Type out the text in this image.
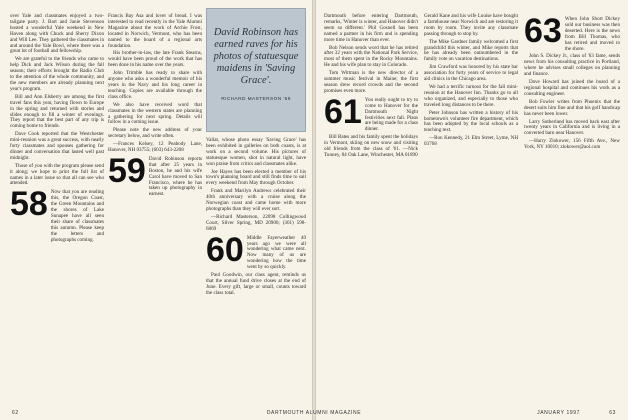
over Yale and classmates enjoyed a two-tailgate party. J. Bart and Janie Stevenson hosted a wonderful Yale weekend in New Haven along with Chuck and Sherry Dixon and Will Lee. They gathered the classmates in and around the Yale Bowl, where there was a great lot of football and fellowship.

We are grateful to the friends who came to help Dick and Jack Wilson during the fall season; their efforts brought the Radio Club to the attention of the whole community, and the new members are already planning next year's program.

Bill and Ann Elsberry are among the first travel fans this year, having flown to Europe in the spring and returned with stories and slides enough to fill a winter of evenings. They report that the best part of any trip is coming home to friends.

Dave Cook reported that the Westchester mini-reunion was a great success, with nearly forty classmates and spouses gathering for dinner and conversation that lasted well past midnight.

Those of you with the program please send it along; we hope to print the full list of names in a later issue so that all can see who attended.

58 Now that you are reading this, the Oregon Coast, the Green Mountains and the shores of Lake Sunapee have all seen their share of classmates this autumn. Please keep the letters and photographs coming.

Francis Bay Asa and lover of bread. I was interested to read recently in the Yale Alumni Magazine about the work of Archie Frost, located in Norwich, Vermont, who has been named to the board of a regional arts foundation.

His brother-in-law, the late Frank Stearns, would have been proud of the work that has been done in his name over the years.

John Trimble has ready to share with anyone who asks a wonderful memoir of his years in the Navy and his long career in teaching. Copies are available through the class office.

We also have received word that classmates in the western states are planning a gathering for next spring. Details will follow in a coming issue.

Please note the new address of your secretary below, and write often.

—Frances Kelsey, 12 Peabody Lane, Hanover, NH 03755; (603) 643-2208

59 David Robinson reports that after 25 years in Boston, he and his wife Carol have moved to San Francisco, where he has taken up photography in earnest.
David Robinson has earned raves for his photos of statuesque maidens in 'Saving Grace'.
RICHARD MASTERSON '59

Vallat, whose photo essay 'Saving Grace' has been exhibited in galleries on both coasts, is at work on a second volume. His pictures of statuesque women, shot in natural light, have won praise from critics and classmates alike.

Joe Hayes has been elected a member of his town's planning board and still finds time to sail every weekend from May through October.

Frank and Marilyn Andrews celebrated their 40th anniversary with a cruise along the Norwegian coast and came home with more photographs than they will ever sort.

—Richard Masterson, 22098 Collingwood Court, Silver Spring, MD 20906; (301) 598-6869

60 Middle Fayerweather 40 years ago we were all wondering what came next. Now many of us are wondering how the time went by so quickly.

Paul Goodwin, our class agent, reminds us that the annual fund drive closes at the end of June. Every gift, large or small, counts toward the class total.

Dartmouth before entering Dartmouth, remarks, 'Winter is winter, and Hanover didn't seem so different.' Phil Gosnell has been named a partner in his firm and is spending more time in Hanover than ever.

Bob Nelson sends word that he has retired after 32 years with the National Park Service, most of them spent in the Rocky Mountains. He and his wife plan to stay in Colorado.

Tom Wittman is the new director of a summer music festival in Maine; the first season drew record crowds and the second promises even more.

61 You really ought to try to come to Hanover for the Dartmouth Night festivities next fall. Plans are being made for a class dinner.

Bill Bates and his family spent the holidays in Vermont, skiing on new snow and visiting old friends from the class of '61. —Nick Tunney, 84 Oak Lane, Winchester, MA 01890

Gerald Kane and his wife Louise have bought a farmhouse near Norwich and are restoring it room by room. They invite any classmate passing through to stop by.

The Mike Gardner family welcomed a first grandchild this winter, and Mike reports that he has already been outnumbered in the family vote on vacation destinations.

Jim Crawford was honored by his state bar association for forty years of service to legal aid clinics in the Chicago area.

We had a terrific turnout for the fall mini-reunion at the Hanover Inn. Thanks go to all who organized, and especially to those who traveled long distances to be there.

Peter Johnson has written a history of his hometown's volunteer fire department, which has been adopted by the local schools as a teaching text.

—Ron Kennedy, 21 Elm Street, Lyme, NH 03768

63 When John Short Dickey sold our business was then deserted. Here is the news from Bill Thomas, who has retired and moved to the shore.

John S. Dickey Jr., class of '63 fame, sends news from his consulting practice in Portland, where he advises small colleges on planning and finance.

Dave Howard has joined the board of a regional hospital and continues his work as a consulting engineer.

Bob Fowler writes from Phoenix that the desert suits him fine and that his golf handicap has never been lower.

Larry Sutherland has moved back east after twenty years in California and is living in a converted barn near Hanover.

—Harry Zlokower, 156 Fifth Ave., New York, NY 10010; zlokower@aol.com

62	DARTMOUTH ALUMNI MAGAZINE	JANUARY 1997	63
